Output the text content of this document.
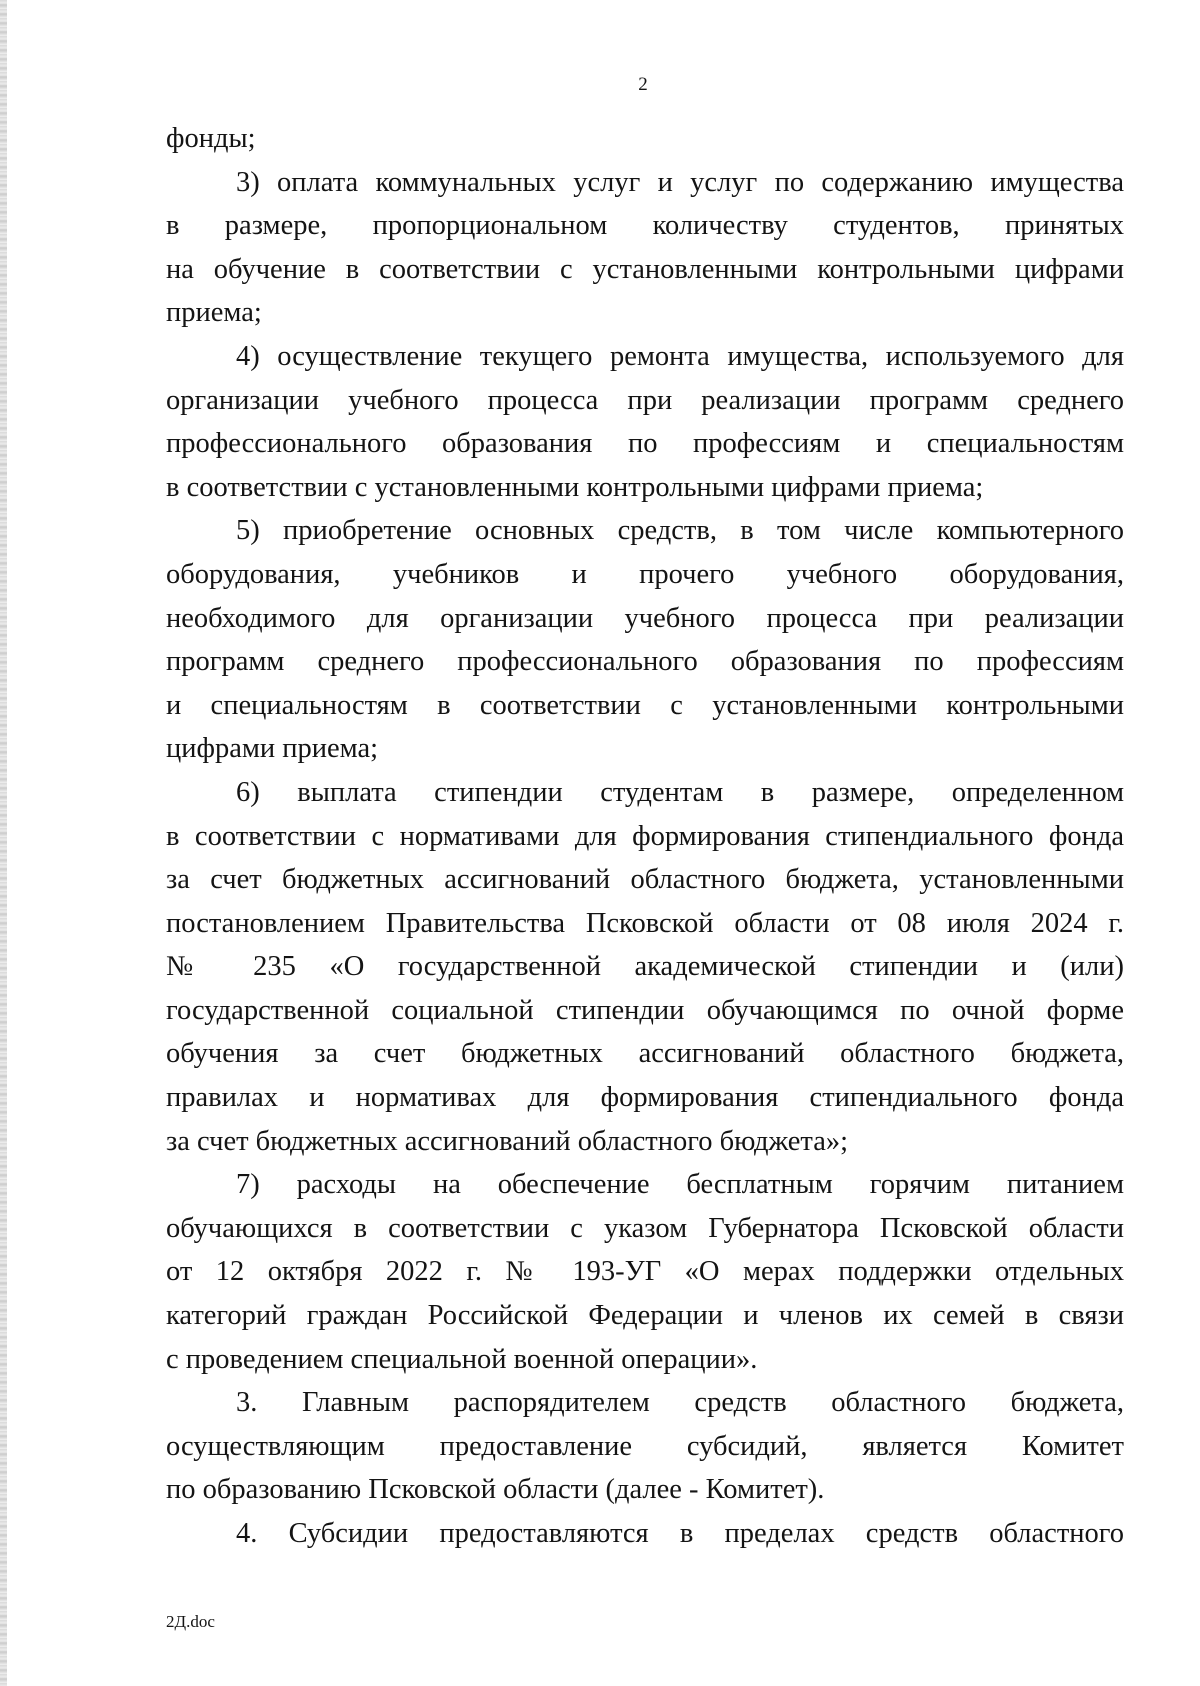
2
фонды;
3) оплата коммунальных услуг и услуг по содержанию имущества
в размере, пропорциональном количеству студентов, принятых
на обучение в соответствии с установленными контрольными цифрами
приема;
4) осуществление текущего ремонта имущества, используемого для
организации учебного процесса при реализации программ среднего
профессионального образования по профессиям и специальностям
в соответствии с установленными контрольными цифрами приема;
5) приобретение основных средств, в том числе компьютерного
оборудования, учебников и прочего учебного оборудования,
необходимого для организации учебного процесса при реализации
программ среднего профессионального образования по профессиям
и специальностям в соответствии с установленными контрольными
цифрами приема;
6) выплата стипендии студентам в размере, определенном
в соответствии с нормативами для формирования стипендиального фонда
за счет бюджетных ассигнований областного бюджета, установленными
постановлением Правительства Псковской области от 08 июля 2024 г.
№ 235 «О государственной академической стипендии и (или)
государственной социальной стипендии обучающимся по очной форме
обучения за счет бюджетных ассигнований областного бюджета,
правилах и нормативах для формирования стипендиального фонда
за счет бюджетных ассигнований областного бюджета»;
7) расходы на обеспечение бесплатным горячим питанием
обучающихся в соответствии с указом Губернатора Псковской области
от 12 октября 2022 г. № 193-УГ «О мерах поддержки отдельных
категорий граждан Российской Федерации и членов их семей в связи
с проведением специальной военной операции».
3. Главным распорядителем средств областного бюджета,
осуществляющим предоставление субсидий, является Комитет
по образованию Псковской области (далее - Комитет).
4. Субсидии предоставляются в пределах средств областного
2Д.doc
